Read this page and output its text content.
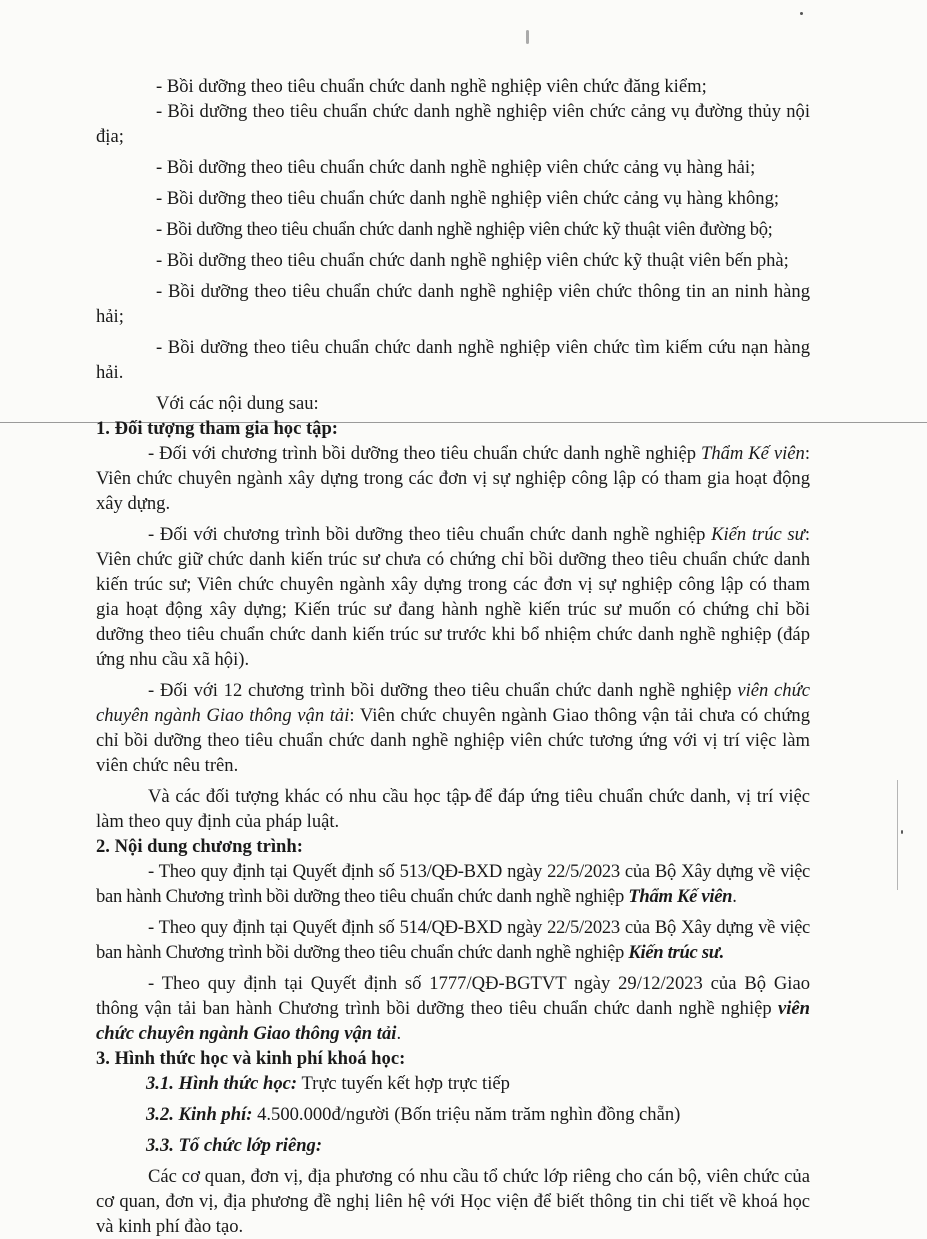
- Bồi dưỡng theo tiêu chuẩn chức danh nghề nghiệp viên chức đăng kiểm;

- Bồi dưỡng theo tiêu chuẩn chức danh nghề nghiệp viên chức cảng vụ đường thủy nội địa;

- Bồi dưỡng theo tiêu chuẩn chức danh nghề nghiệp viên chức cảng vụ hàng hải;

- Bồi dưỡng theo tiêu chuẩn chức danh nghề nghiệp viên chức cảng vụ hàng không;

- Bồi dưỡng theo tiêu chuẩn chức danh nghề nghiệp viên chức kỹ thuật viên đường bộ;

- Bồi dưỡng theo tiêu chuẩn chức danh nghề nghiệp viên chức kỹ thuật viên bến phà;

- Bồi dưỡng theo tiêu chuẩn chức danh nghề nghiệp viên chức thông tin an ninh hàng hải;

- Bồi dưỡng theo tiêu chuẩn chức danh nghề nghiệp viên chức tìm kiếm cứu nạn hàng hải.

Với các nội dung sau:

1. Đối tượng tham gia học tập:

- Đối với chương trình bồi dưỡng theo tiêu chuẩn chức danh nghề nghiệp Thẩm Kế viên: Viên chức chuyên ngành xây dựng trong các đơn vị sự nghiệp công lập có tham gia hoạt động xây dựng.

- Đối với chương trình bồi dưỡng theo tiêu chuẩn chức danh nghề nghiệp Kiến trúc sư: Viên chức giữ chức danh kiến trúc sư chưa có chứng chỉ bồi dưỡng theo tiêu chuẩn chức danh kiến trúc sư; Viên chức chuyên ngành xây dựng trong các đơn vị sự nghiệp công lập có tham gia hoạt động xây dựng; Kiến trúc sư đang hành nghề kiến trúc sư muốn có chứng chỉ bồi dưỡng theo tiêu chuẩn chức danh kiến trúc sư trước khi bổ nhiệm chức danh nghề nghiệp (đáp ứng nhu cầu xã hội).

- Đối với 12 chương trình bồi dưỡng theo tiêu chuẩn chức danh nghề nghiệp viên chức chuyên ngành Giao thông vận tải: Viên chức chuyên ngành Giao thông vận tải chưa có chứng chỉ bồi dưỡng theo tiêu chuẩn chức danh nghề nghiệp viên chức tương ứng với vị trí việc làm viên chức nêu trên.

Và các đối tượng khác có nhu cầu học tập để đáp ứng tiêu chuẩn chức danh, vị trí việc làm theo quy định của pháp luật.

2. Nội dung chương trình:

- Theo quy định tại Quyết định số 513/QĐ-BXD ngày 22/5/2023 của Bộ Xây dựng về việc ban hành Chương trình bồi dưỡng theo tiêu chuẩn chức danh nghề nghiệp Thẩm Kế viên.

- Theo quy định tại Quyết định số 514/QĐ-BXD ngày 22/5/2023 của Bộ Xây dựng về việc ban hành Chương trình bồi dưỡng theo tiêu chuẩn chức danh nghề nghiệp Kiến trúc sư.

- Theo quy định tại Quyết định số 1777/QĐ-BGTVT ngày 29/12/2023 của Bộ Giao thông vận tải ban hành Chương trình bồi dưỡng theo tiêu chuẩn chức danh nghề nghiệp viên chức chuyên ngành Giao thông vận tải.

3. Hình thức học và kinh phí khoá học:

3.1. Hình thức học: Trực tuyến kết hợp trực tiếp

3.2. Kinh phí: 4.500.000đ/người (Bốn triệu năm trăm nghìn đồng chẵn)

3.3. Tổ chức lớp riêng:

Các cơ quan, đơn vị, địa phương có nhu cầu tổ chức lớp riêng cho cán bộ, viên chức của cơ quan, đơn vị, địa phương đề nghị liên hệ với Học viện để biết thông tin chi tiết về khoá học và kinh phí đào tạo.
